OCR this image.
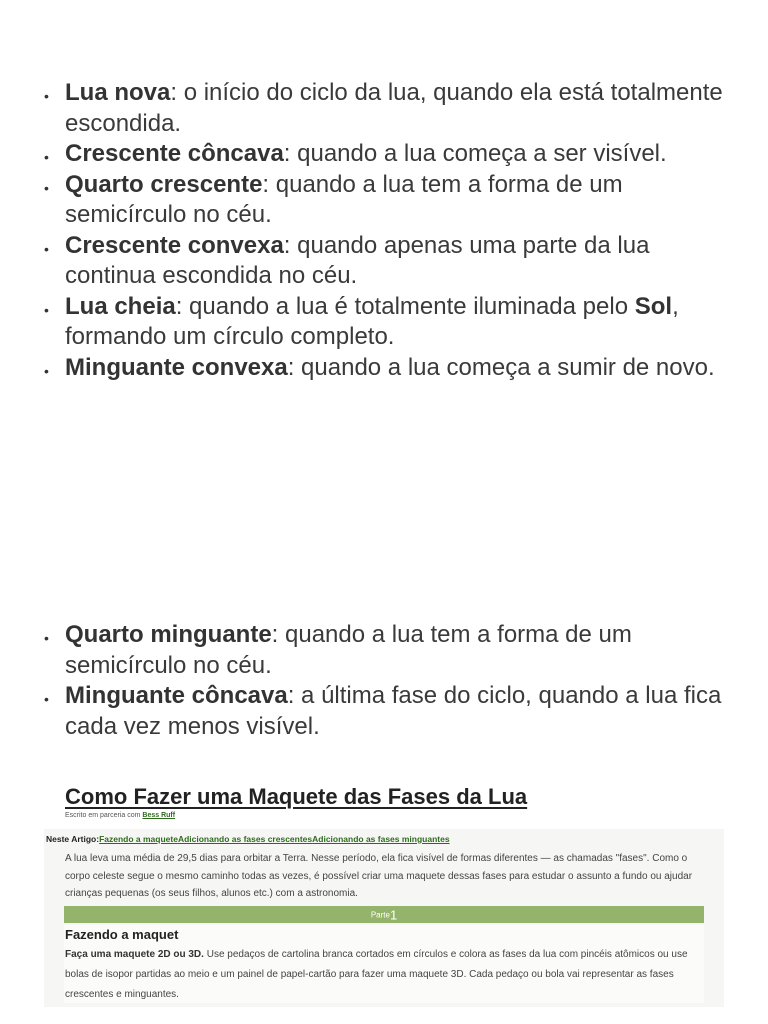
• Lua nova: o início do ciclo da lua, quando ela está totalmente escondida.
• Crescente côncava: quando a lua começa a ser visível.
• Quarto crescente: quando a lua tem a forma de um semicírculo no céu.
• Crescente convexa: quando apenas uma parte da lua continua escondida no céu.
• Lua cheia: quando a lua é totalmente iluminada pelo Sol, formando um círculo completo.
• Minguante convexa: quando a lua começa a sumir de novo.
• Quarto minguante: quando a lua tem a forma de um semicírculo no céu.
• Minguante côncava: a última fase do ciclo, quando a lua fica cada vez menos visível.
Como Fazer uma Maquete das Fases da Lua
Escrito em parceria com Bess Ruff
Neste Artigo:Fazendo a maqueteAdicionando as fases crescentesAdicionando as fases minguantes

A lua leva uma média de 29,5 dias para orbitar a Terra. Nesse período, ela fica visível de formas diferentes — as chamadas "fases". Como o corpo celeste segue o mesmo caminho todas as vezes, é possível criar uma maquete dessas fases para estudar o assunto a fundo ou ajudar crianças pequenas (os seus filhos, alunos etc.) com a astronomia.

Parte1
Fazendo a maquet

Faça uma maquete 2D ou 3D. Use pedaços de cartolina branca cortados em círculos e colora as fases da lua com pincéis atômicos ou use bolas de isopor partidas ao meio e um painel de papel-cartão para fazer uma maquete 3D. Cada pedaço ou bola vai representar as fases crescentes e minguantes.
